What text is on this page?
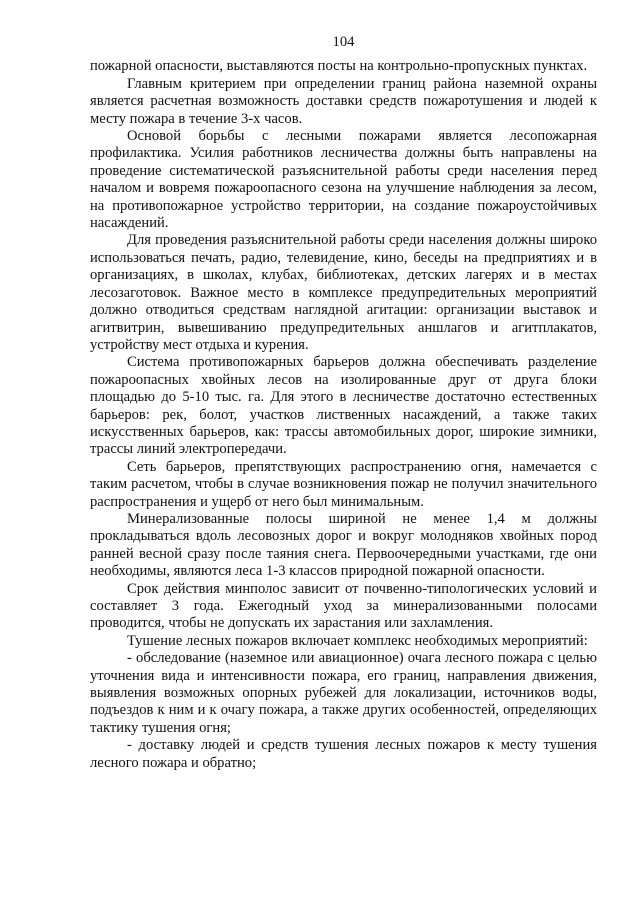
104

пожарной опасности, выставляются посты на контрольно-пропускных пунктах.

Главным критерием при определении границ района наземной охраны является расчетная возможность доставки средств пожаротушения и людей к месту пожара в течение 3-х часов.

Основой борьбы с лесными пожарами является лесопожарная профилактика. Усилия работников лесничества должны быть направлены на проведение систематической разъяснительной работы среди населения перед началом и вовремя пожароопасного сезона на улучшение наблюдения за лесом, на противопожарное устройство территории, на создание пожароустойчивых насаждений.

Для проведения разъяснительной работы среди населения должны широко использоваться печать, радио, телевидение, кино, беседы на предприятиях и в организациях, в школах, клубах, библиотеках, детских лагерях и в местах лесозаготовок. Важное место в комплексе предупредительных мероприятий должно отводиться средствам наглядной агитации: организации выставок и агитвитрин, вывешиванию предупредительных аншлагов и агитплакатов, устройству мест отдыха и курения.

Система противопожарных барьеров должна обеспечивать разделение пожароопасных хвойных лесов на изолированные друг от друга блоки площадью до 5-10 тыс. га. Для этого в лесничестве достаточно естественных барьеров: рек, болот, участков лиственных насаждений, а также таких искусственных барьеров, как: трассы автомобильных дорог, широкие зимники, трассы линий электропередачи.

Сеть барьеров, препятствующих распространению огня, намечается с таким расчетом, чтобы в случае возникновения пожар не получил значительного распространения и ущерб от него был минимальным.

Минерализованные полосы шириной не менее 1,4 м должны прокладываться вдоль лесовозных дорог и вокруг молодняков хвойных пород ранней весной сразу после таяния снега. Первоочередными участками, где они необходимы, являются леса 1-3 классов природной пожарной опасности.

Срок действия минполос зависит от почвенно-типологических условий и составляет 3 года. Ежегодный уход за минерализованными полосами проводится, чтобы не допускать их зарастания или захламления.

Тушение лесных пожаров включает комплекс необходимых мероприятий:

- обследование (наземное или авиационное) очага лесного пожара с целью уточнения вида и интенсивности пожара, его границ, направления движения, выявления возможных опорных рубежей для локализации, источников воды, подъездов к ним и к очагу пожара, а также других особенностей, определяющих тактику тушения огня;

- доставку людей и средств тушения лесных пожаров к месту тушения лесного пожара и обратно;
